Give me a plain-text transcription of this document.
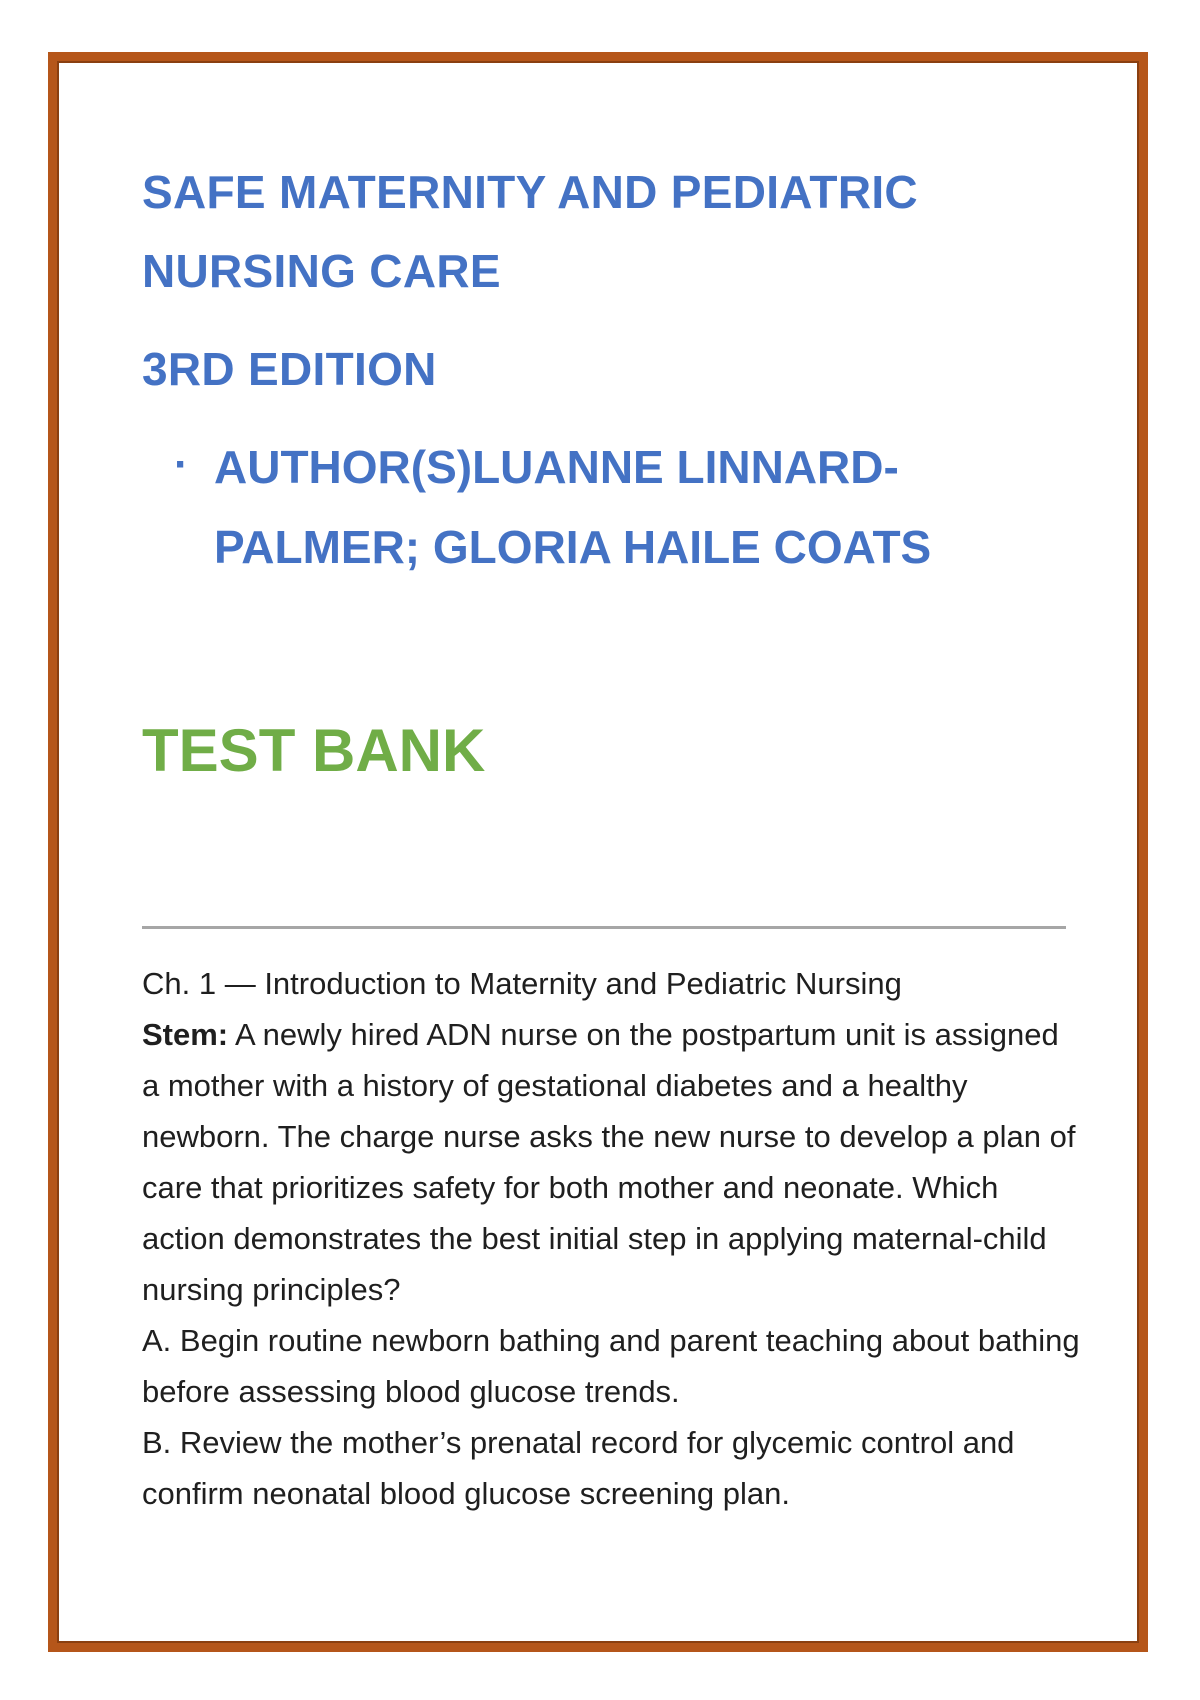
SAFE MATERNITY AND PEDIATRIC
NURSING CARE
3RD EDITION
· AUTHOR(S)LUANNE LINNARD-
PALMER; GLORIA HAILE COATS
TEST BANK

Ch. 1 — Introduction to Maternity and Pediatric Nursing

Stem: A newly hired ADN nurse on the postpartum unit is assigned a mother with a history of gestational diabetes and a healthy newborn. The charge nurse asks the new nurse to develop a plan of care that prioritizes safety for both mother and neonate. Which action demonstrates the best initial step in applying maternal-child nursing principles?

A. Begin routine newborn bathing and parent teaching about bathing before assessing blood glucose trends.

B. Review the mother’s prenatal record for glycemic control and confirm neonatal blood glucose screening plan.
